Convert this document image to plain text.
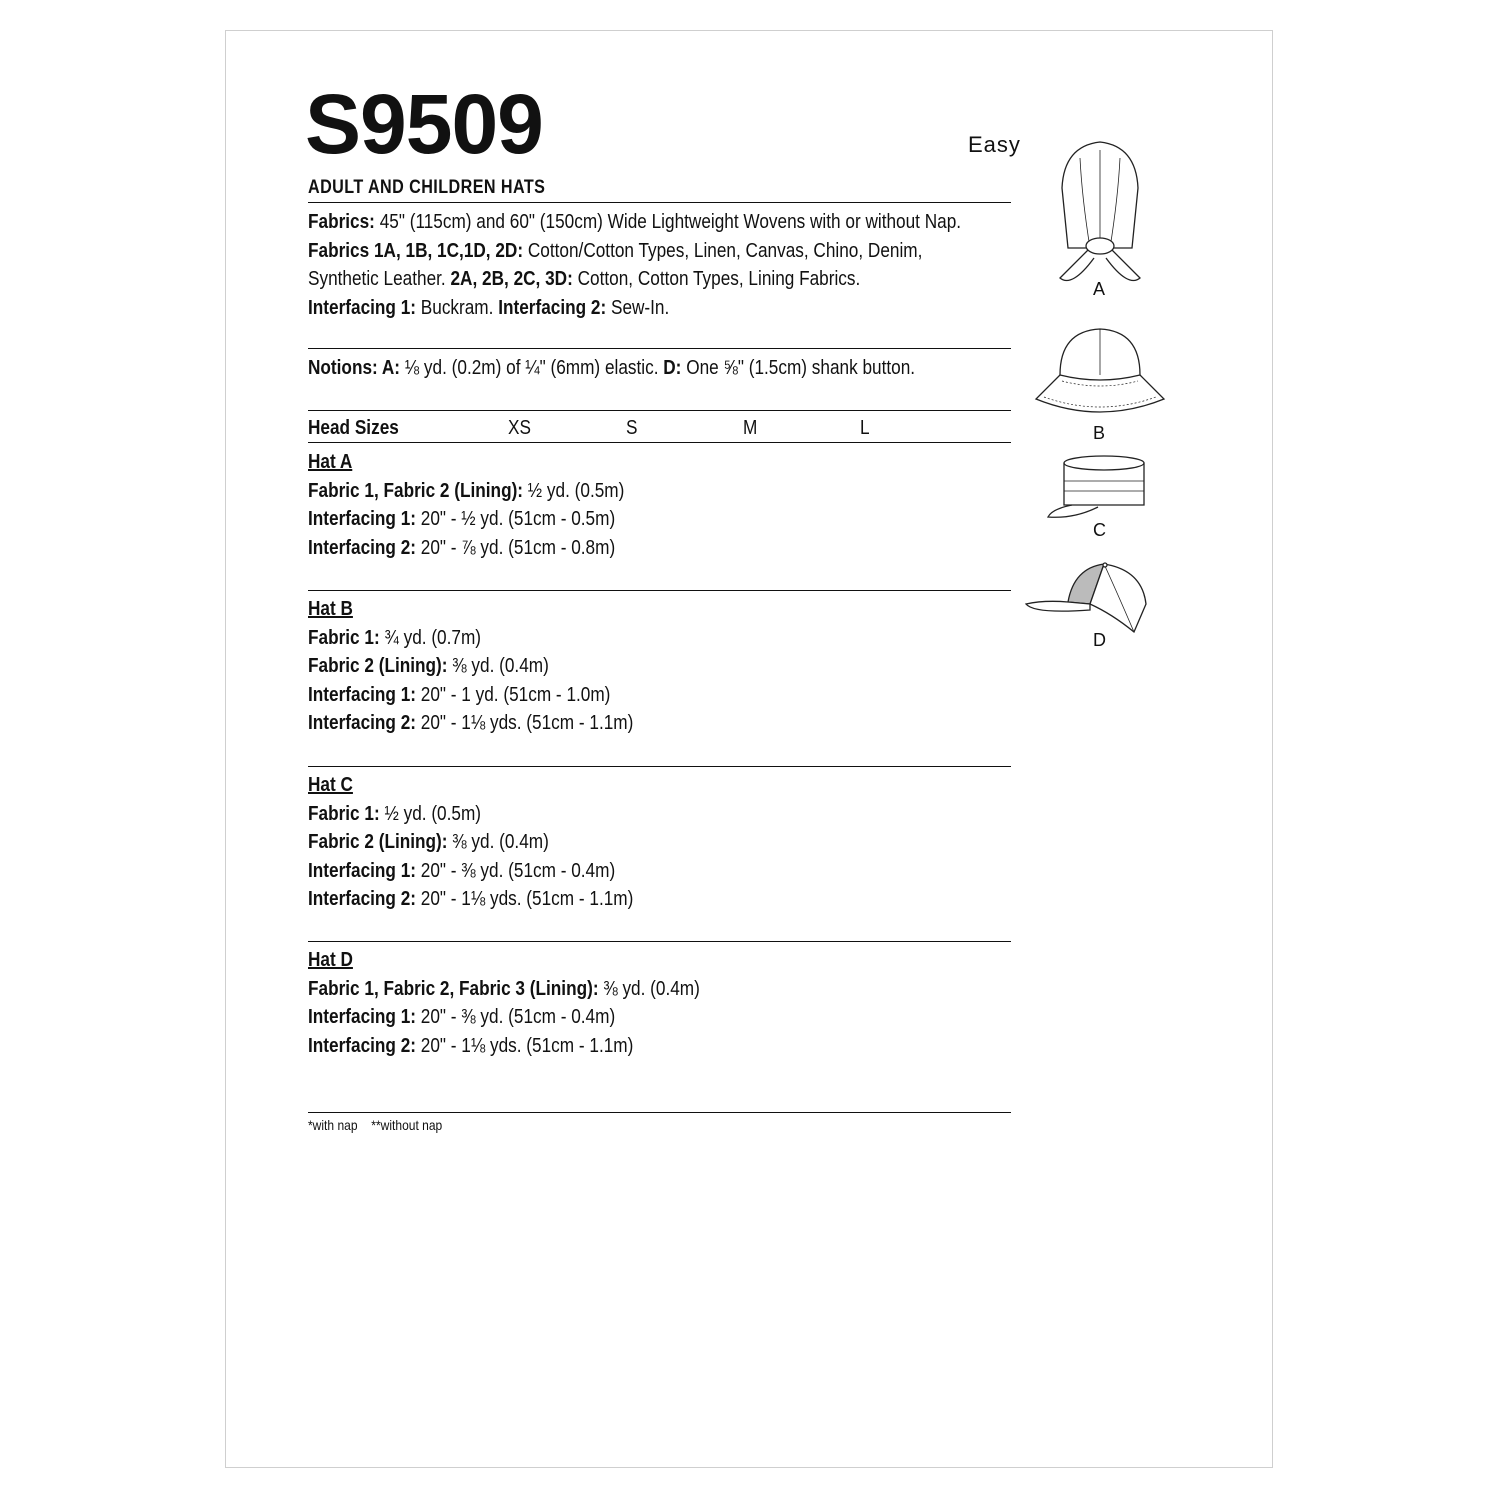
S9509	Easy
ADULT AND CHILDREN HATS
Fabrics: 45" (115cm) and 60" (150cm) Wide Lightweight Wovens with or without Nap.
Fabrics 1A, 1B, 1C,1D, 2D: Cotton/Cotton Types, Linen, Canvas, Chino, Denim,
Synthetic Leather. 2A, 2B, 2C, 3D: Cotton, Cotton Types, Lining Fabrics.
Interfacing 1: Buckram. Interfacing 2: Sew-In.
Notions: A: ⅛ yd. (0.2m) of ¼" (6mm) elastic. D: One ⅝" (1.5cm) shank button.
Head Sizes	XS	S	M	L
Hat A
Fabric 1, Fabric 2 (Lining): ½ yd. (0.5m)
Interfacing 1: 20" - ½ yd. (51cm - 0.5m)
Interfacing 2: 20" - ⅞ yd. (51cm - 0.8m)
Hat B
Fabric 1: ¾ yd. (0.7m)
Fabric 2 (Lining): ⅜ yd. (0.4m)
Interfacing 1: 20" - 1 yd. (51cm - 1.0m)
Interfacing 2: 20" - 1⅛ yds. (51cm - 1.1m)
Hat C
Fabric 1: ½ yd. (0.5m)
Fabric 2 (Lining): ⅜ yd. (0.4m)
Interfacing 1: 20" - ⅜ yd. (51cm - 0.4m)
Interfacing 2: 20" - 1⅛ yds. (51cm - 1.1m)
Hat D
Fabric 1, Fabric 2, Fabric 3 (Lining): ⅜ yd. (0.4m)
Interfacing 1: 20" - ⅜ yd. (51cm - 0.4m)
Interfacing 2: 20" - 1⅛ yds. (51cm - 1.1m)
*with nap **without nap
A
B
C
D
